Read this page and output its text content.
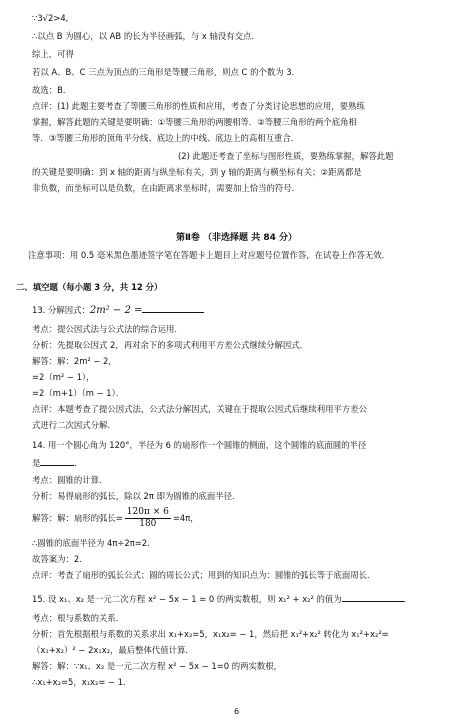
∵3√2>4,
∴以点 B 为圆心，以 AB 的长为半径画弧，与 x 轴没有交点．
综上，可得
若以 A、B、C 三点为顶点的三角形是等腰三角形，则点 C 的个数为 3．
故选：B．
点评：(1) 此题主要考查了等腰三角形的性质和应用，考查了分类讨论思想的应用，要熟练
掌握，解答此题的关键是要明确：①等腰三角形的两腰相等．②等腰三角形的两个底角相
等．③等腰三角形的顶角平分线、底边上的中线、底边上的高相互重合．
(2) 此题还考查了坐标与图形性质，要熟练掌握，解答此题
的关键是要明确：到 x 轴的距离与纵坐标有关，到 y 轴的距离与横坐标有关；②距离都是
非负数，而坐标可以是负数，在由距离求坐标时，需要加上恰当的符号．
第Ⅱ卷 （非选择题 共 84 分）
注意事项：用 0.5 毫米黑色墨迹签字笔在答题卡上题目上对应题号位置作答，在试卷上作答无效．
二、填空题（每小题 3 分，共 12 分）
13. 分解因式：2m² − 2 =
考点：提公因式法与公式法的综合运用．
分析：先提取公因式 2，再对余下的多项式利用平方差公式继续分解因式．
解答：解：2m² − 2，
=2（m² − 1），
=2（m+1）（m − 1）．
点评：本题考查了提公因式法，公式法分解因式，关键在于提取公因式后继续利用平方差公
式进行二次因式分解．
14. 用一个圆心角为 120°，半径为 6 的扇形作一个圆锥的侧面，这个圆锥的底面圆的半径
是	．
考点：圆锥的计算．
分析：易得扇形的弧长，除以 2π 即为圆锥的底面半径．
解答：解：扇形的弧长= $\frac{120\pi \times 6}{180} =4\pi$，
∴圆锥的底面半径为 4π÷2π=2．
故答案为：2．
点评：考查了扇形的弧长公式；圆的周长公式；用到的知识点为：圆锥的弧长等于底面周长．
15. 设 x₁、x₂ 是一元二次方程 x² − 5x − 1 = 0 的两实数根，则 x₁² + x₂² 的值为	．
考点：根与系数的关系．
分析：首先根据根与系数的关系求出 x₁+x₂=5，x₁x₂= − 1，然后把 x₁²+x₂² 转化为 x₁²+x₂²=
（x₁+x₂）² − 2x₁x₂，最后整体代值计算．
解答：解：∵x₁、x₂ 是一元二次方程 x² − 5x − 1=0 的两实数根，
∴x₁+x₂=5，x₁x₂= − 1．
6
